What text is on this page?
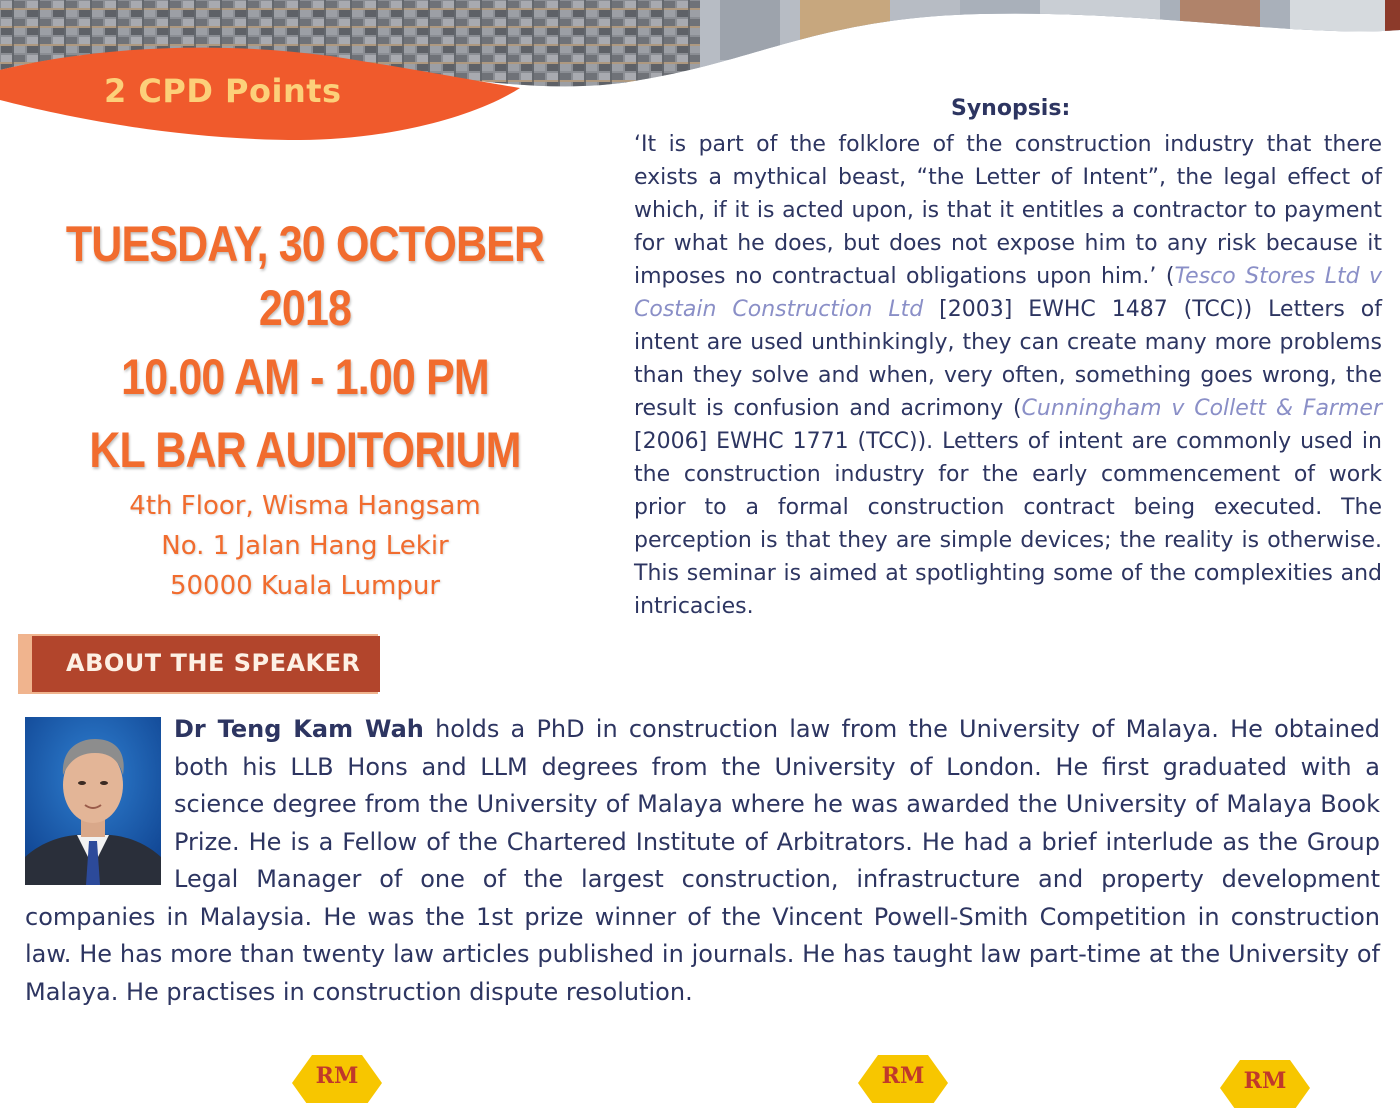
2 CPD Points
TUESDAY, 30 OCTOBER 2018
10.00 AM - 1.00 PM
KL BAR AUDITORIUM
4th Floor, Wisma Hangsam
No. 1 Jalan Hang Lekir
50000 Kuala Lumpur
Synopsis:
‘It is part of the folklore of the construction industry that there exists a mythical beast, “the Letter of Intent”, the legal effect of which, if it is acted upon, is that it entitles a contractor to payment for what he does, but does not expose him to any risk because it imposes no contractual obligations upon him.’ (Tesco Stores Ltd v Costain Construction Ltd [2003] EWHC 1487 (TCC)) Letters of intent are used unthinkingly, they can create many more problems than they solve and when, very often, something goes wrong, the result is confusion and acrimony (Cunningham v Collett & Farmer [2006] EWHC 1771 (TCC)). Letters of intent are commonly used in the construction industry for the early commencement of work prior to a formal construction contract being executed. The perception is that they are simple devices; the reality is otherwise. This seminar is aimed at spotlighting some of the complexities and intricacies.
ABOUT THE SPEAKER
Dr Teng Kam Wah holds a PhD in construction law from the University of Malaya. He obtained both his LLB Hons and LLM degrees from the University of London. He first graduated with a science degree from the University of Malaya where he was awarded the University of Malaya Book Prize. He is a Fellow of the Chartered Institute of Arbitrators. He had a brief interlude as the Group Legal Manager of one of the largest construction, infrastructure and property development companies in Malaysia. He was the 1st prize winner of the Vincent Powell-Smith Competition in construction law. He has more than twenty law articles published in journals. He has taught law part-time at the University of Malaya. He practises in construction dispute resolution.
RM	RM	RM
